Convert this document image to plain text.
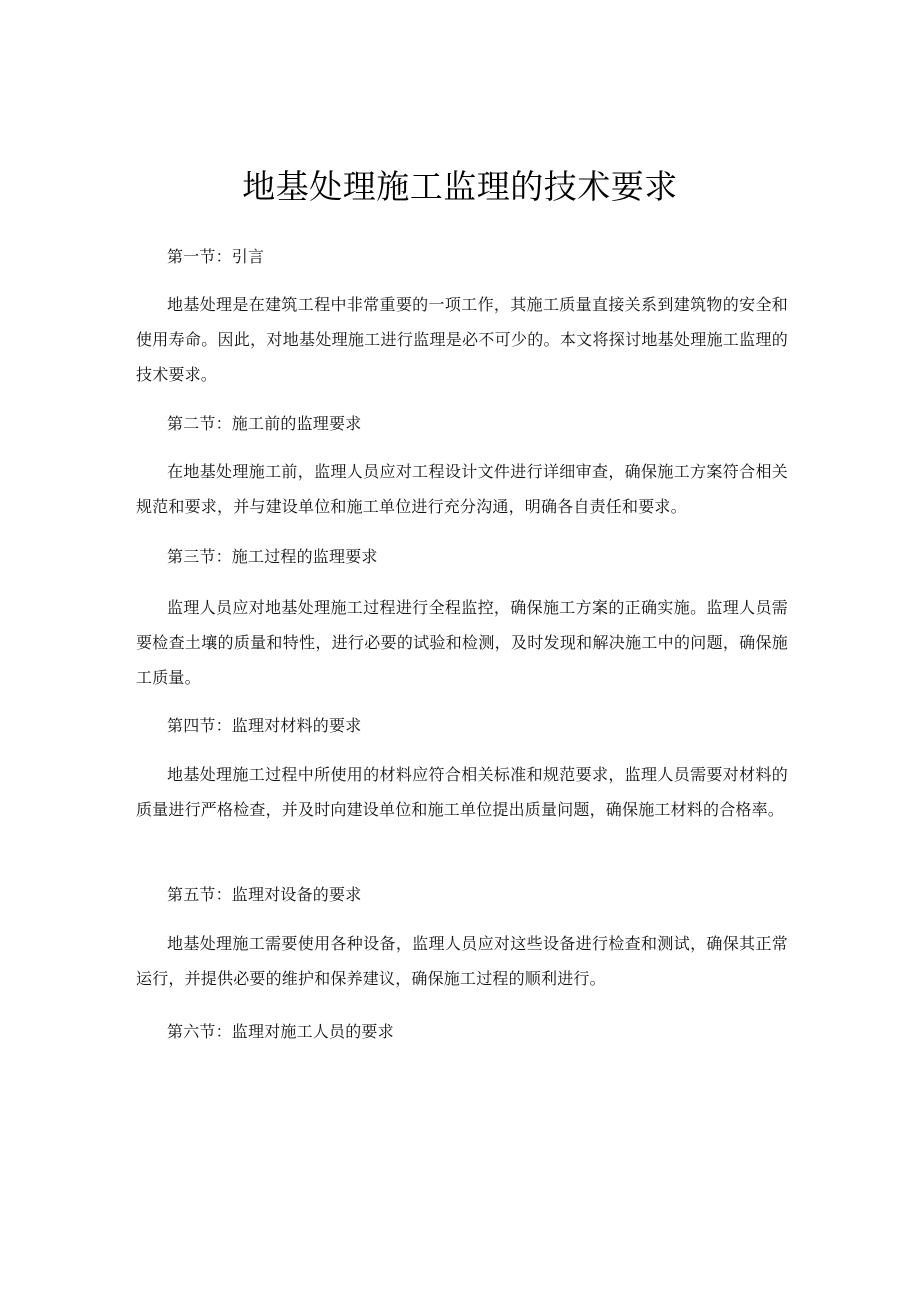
地基处理施工监理的技术要求

第一节：引言

地基处理是在建筑工程中非常重要的一项工作，其施工质量直接关系到建筑物的安全和使用寿命。因此，对地基处理施工进行监理是必不可少的。本文将探讨地基处理施工监理的技术要求。

第二节：施工前的监理要求

在地基处理施工前，监理人员应对工程设计文件进行详细审查，确保施工方案符合相关规范和要求，并与建设单位和施工单位进行充分沟通，明确各自责任和要求。

第三节：施工过程的监理要求

监理人员应对地基处理施工过程进行全程监控，确保施工方案的正确实施。监理人员需要检查土壤的质量和特性，进行必要的试验和检测，及时发现和解决施工中的问题，确保施工质量。

第四节：监理对材料的要求

地基处理施工过程中所使用的材料应符合相关标准和规范要求，监理人员需要对材料的质量进行严格检查，并及时向建设单位和施工单位提出质量问题，确保施工材料的合格率。

第五节：监理对设备的要求

地基处理施工需要使用各种设备，监理人员应对这些设备进行检查和测试，确保其正常运行，并提供必要的维护和保养建议，确保施工过程的顺利进行。

第六节：监理对施工人员的要求
